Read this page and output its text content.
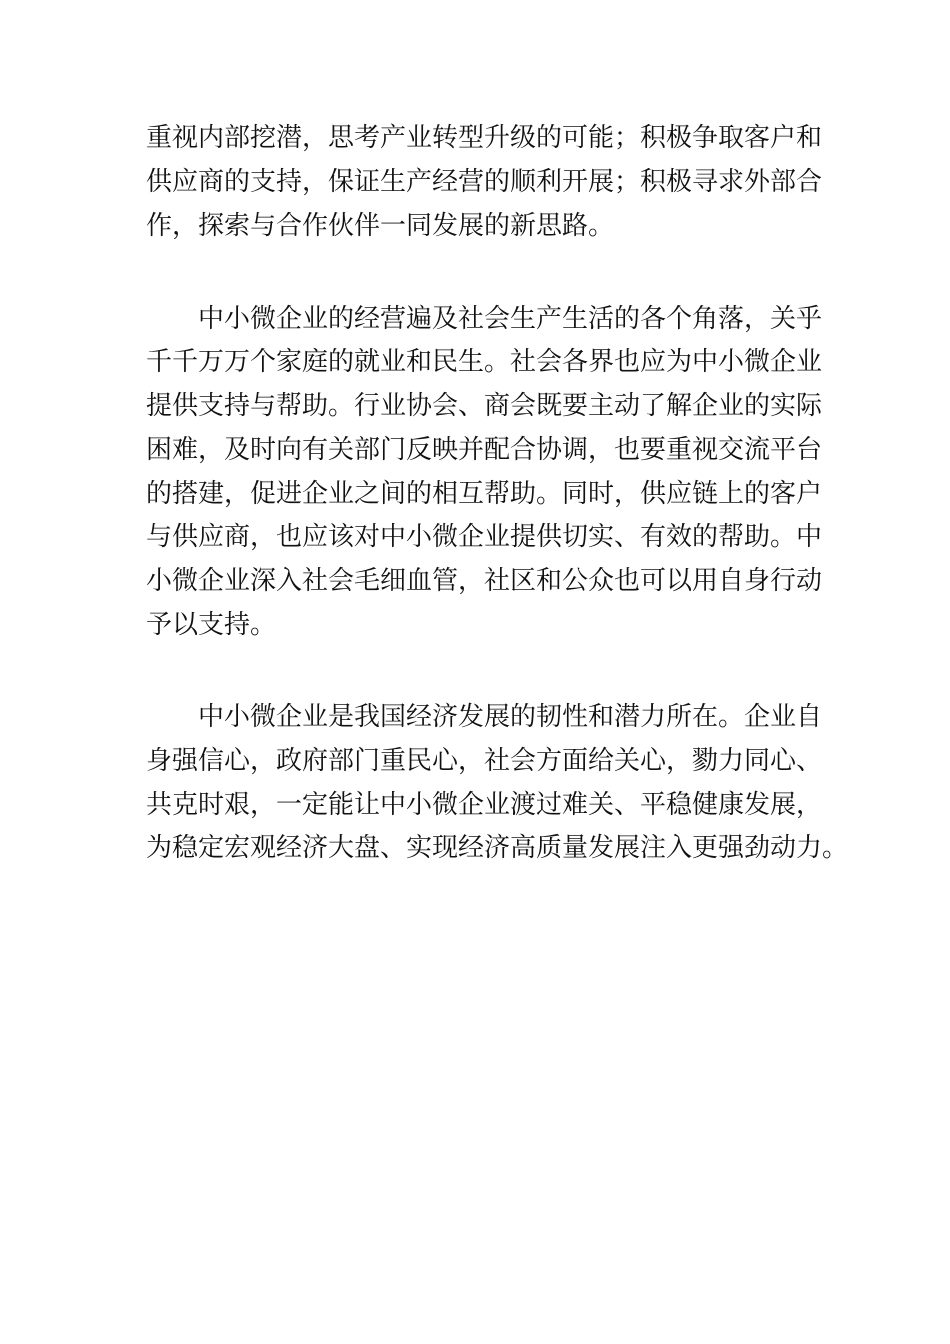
重视内部挖潜，思考产业转型升级的可能；积极争取客户和
供应商的支持，保证生产经营的顺利开展；积极寻求外部合
作，探索与合作伙伴一同发展的新思路。
中小微企业的经营遍及社会生产生活的各个角落，关乎
千千万万个家庭的就业和民生。社会各界也应为中小微企业
提供支持与帮助。行业协会、商会既要主动了解企业的实际
困难，及时向有关部门反映并配合协调，也要重视交流平台
的搭建，促进企业之间的相互帮助。同时，供应链上的客户
与供应商，也应该对中小微企业提供切实、有效的帮助。中
小微企业深入社会毛细血管，社区和公众也可以用自身行动
予以支持。
中小微企业是我国经济发展的韧性和潜力所在。企业自
身强信心，政府部门重民心，社会方面给关心，勠力同心、
共克时艰，一定能让中小微企业渡过难关、平稳健康发展，
为稳定宏观经济大盘、实现经济高质量发展注入更强劲动力。
